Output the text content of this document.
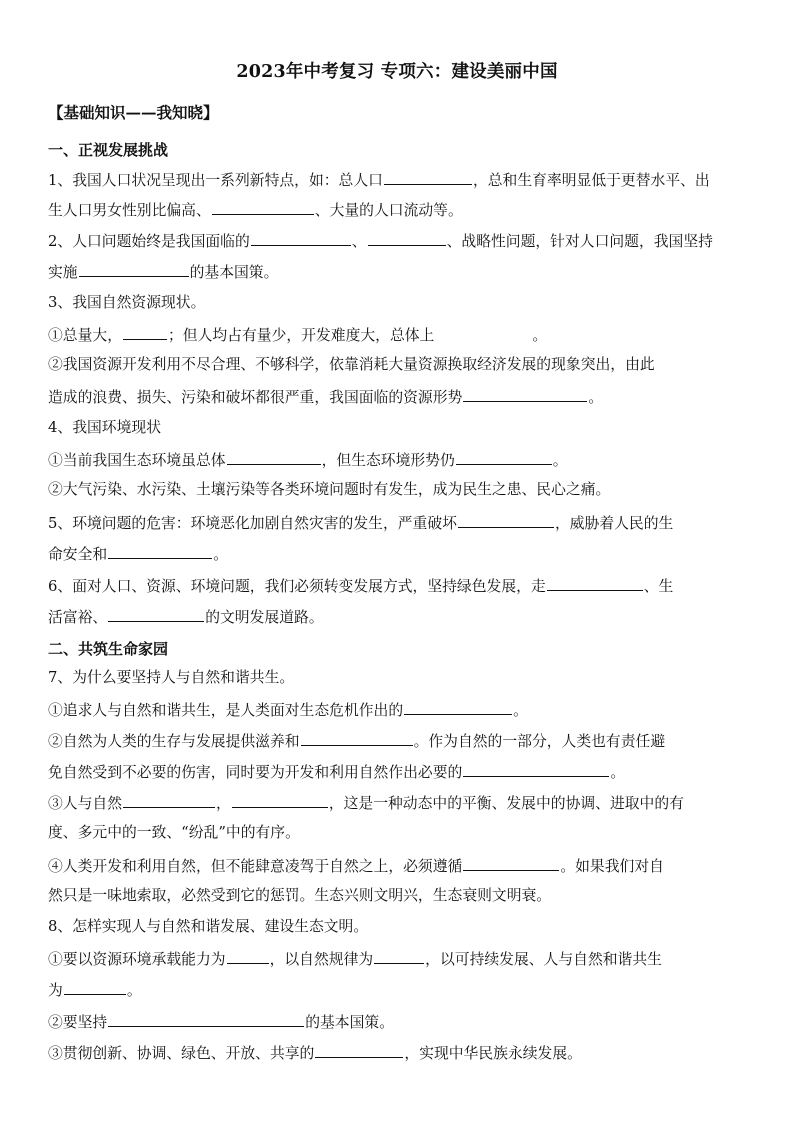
2023年中考复习 专项六：建设美丽中国
【基础知识——我知晓】
一、正视发展挑战
1、我国人口状况呈现出一系列新特点，如：总人口	，总和生育率明显低于更替水平、出
生人口男女性别比偏高、	、大量的人口流动等。
2、人口问题始终是我国面临的	、	、战略性问题，针对人口问题，我国坚持
实施	的基本国策。
3、我国自然资源现状。
①总量大，	；但人均占有量少，开发难度大，总体上	。
②我国资源开发利用不尽合理、不够科学，依靠消耗大量资源换取经济发展的现象突出，由此
造成的浪费、损失、污染和破坏都很严重，我国面临的资源形势	。
4、我国环境现状
①当前我国生态环境虽总体	，但生态环境形势仍	。
②大气污染、水污染、土壤污染等各类环境问题时有发生，成为民生之患、民心之痛。
5、环境问题的危害：环境恶化加剧自然灾害的发生，严重破坏	，威胁着人民的生
命安全和	。
6、面对人口、资源、环境问题，我们必须转变发展方式，坚持绿色发展，走	、生
活富裕、	的文明发展道路。
二、共筑生命家园
7、为什么要坚持人与自然和谐共生。
①追求人与自然和谐共生，是人类面对生态危机作出的	。
②自然为人类的生存与发展提供滋养和	。作为自然的一部分，人类也有责任避
免自然受到不必要的伤害，同时要为开发和利用自然作出必要的	。
③人与自然	，	，这是一种动态中的平衡、发展中的协调、进取中的有
度、多元中的一致、“纷乱”中的有序。
④人类开发和利用自然，但不能肆意凌驾于自然之上，必须遵循	。如果我们对自
然只是一味地索取，必然受到它的惩罚。生态兴则文明兴，生态衰则文明衰。
8、怎样实现人与自然和谐发展、建设生态文明。
①要以资源环境承载能力为	，以自然规律为	，以可持续发展、人与自然和谐共生
为	。
②要坚持	的基本国策。
③贯彻创新、协调、绿色、开放、共享的	，实现中华民族永续发展。
